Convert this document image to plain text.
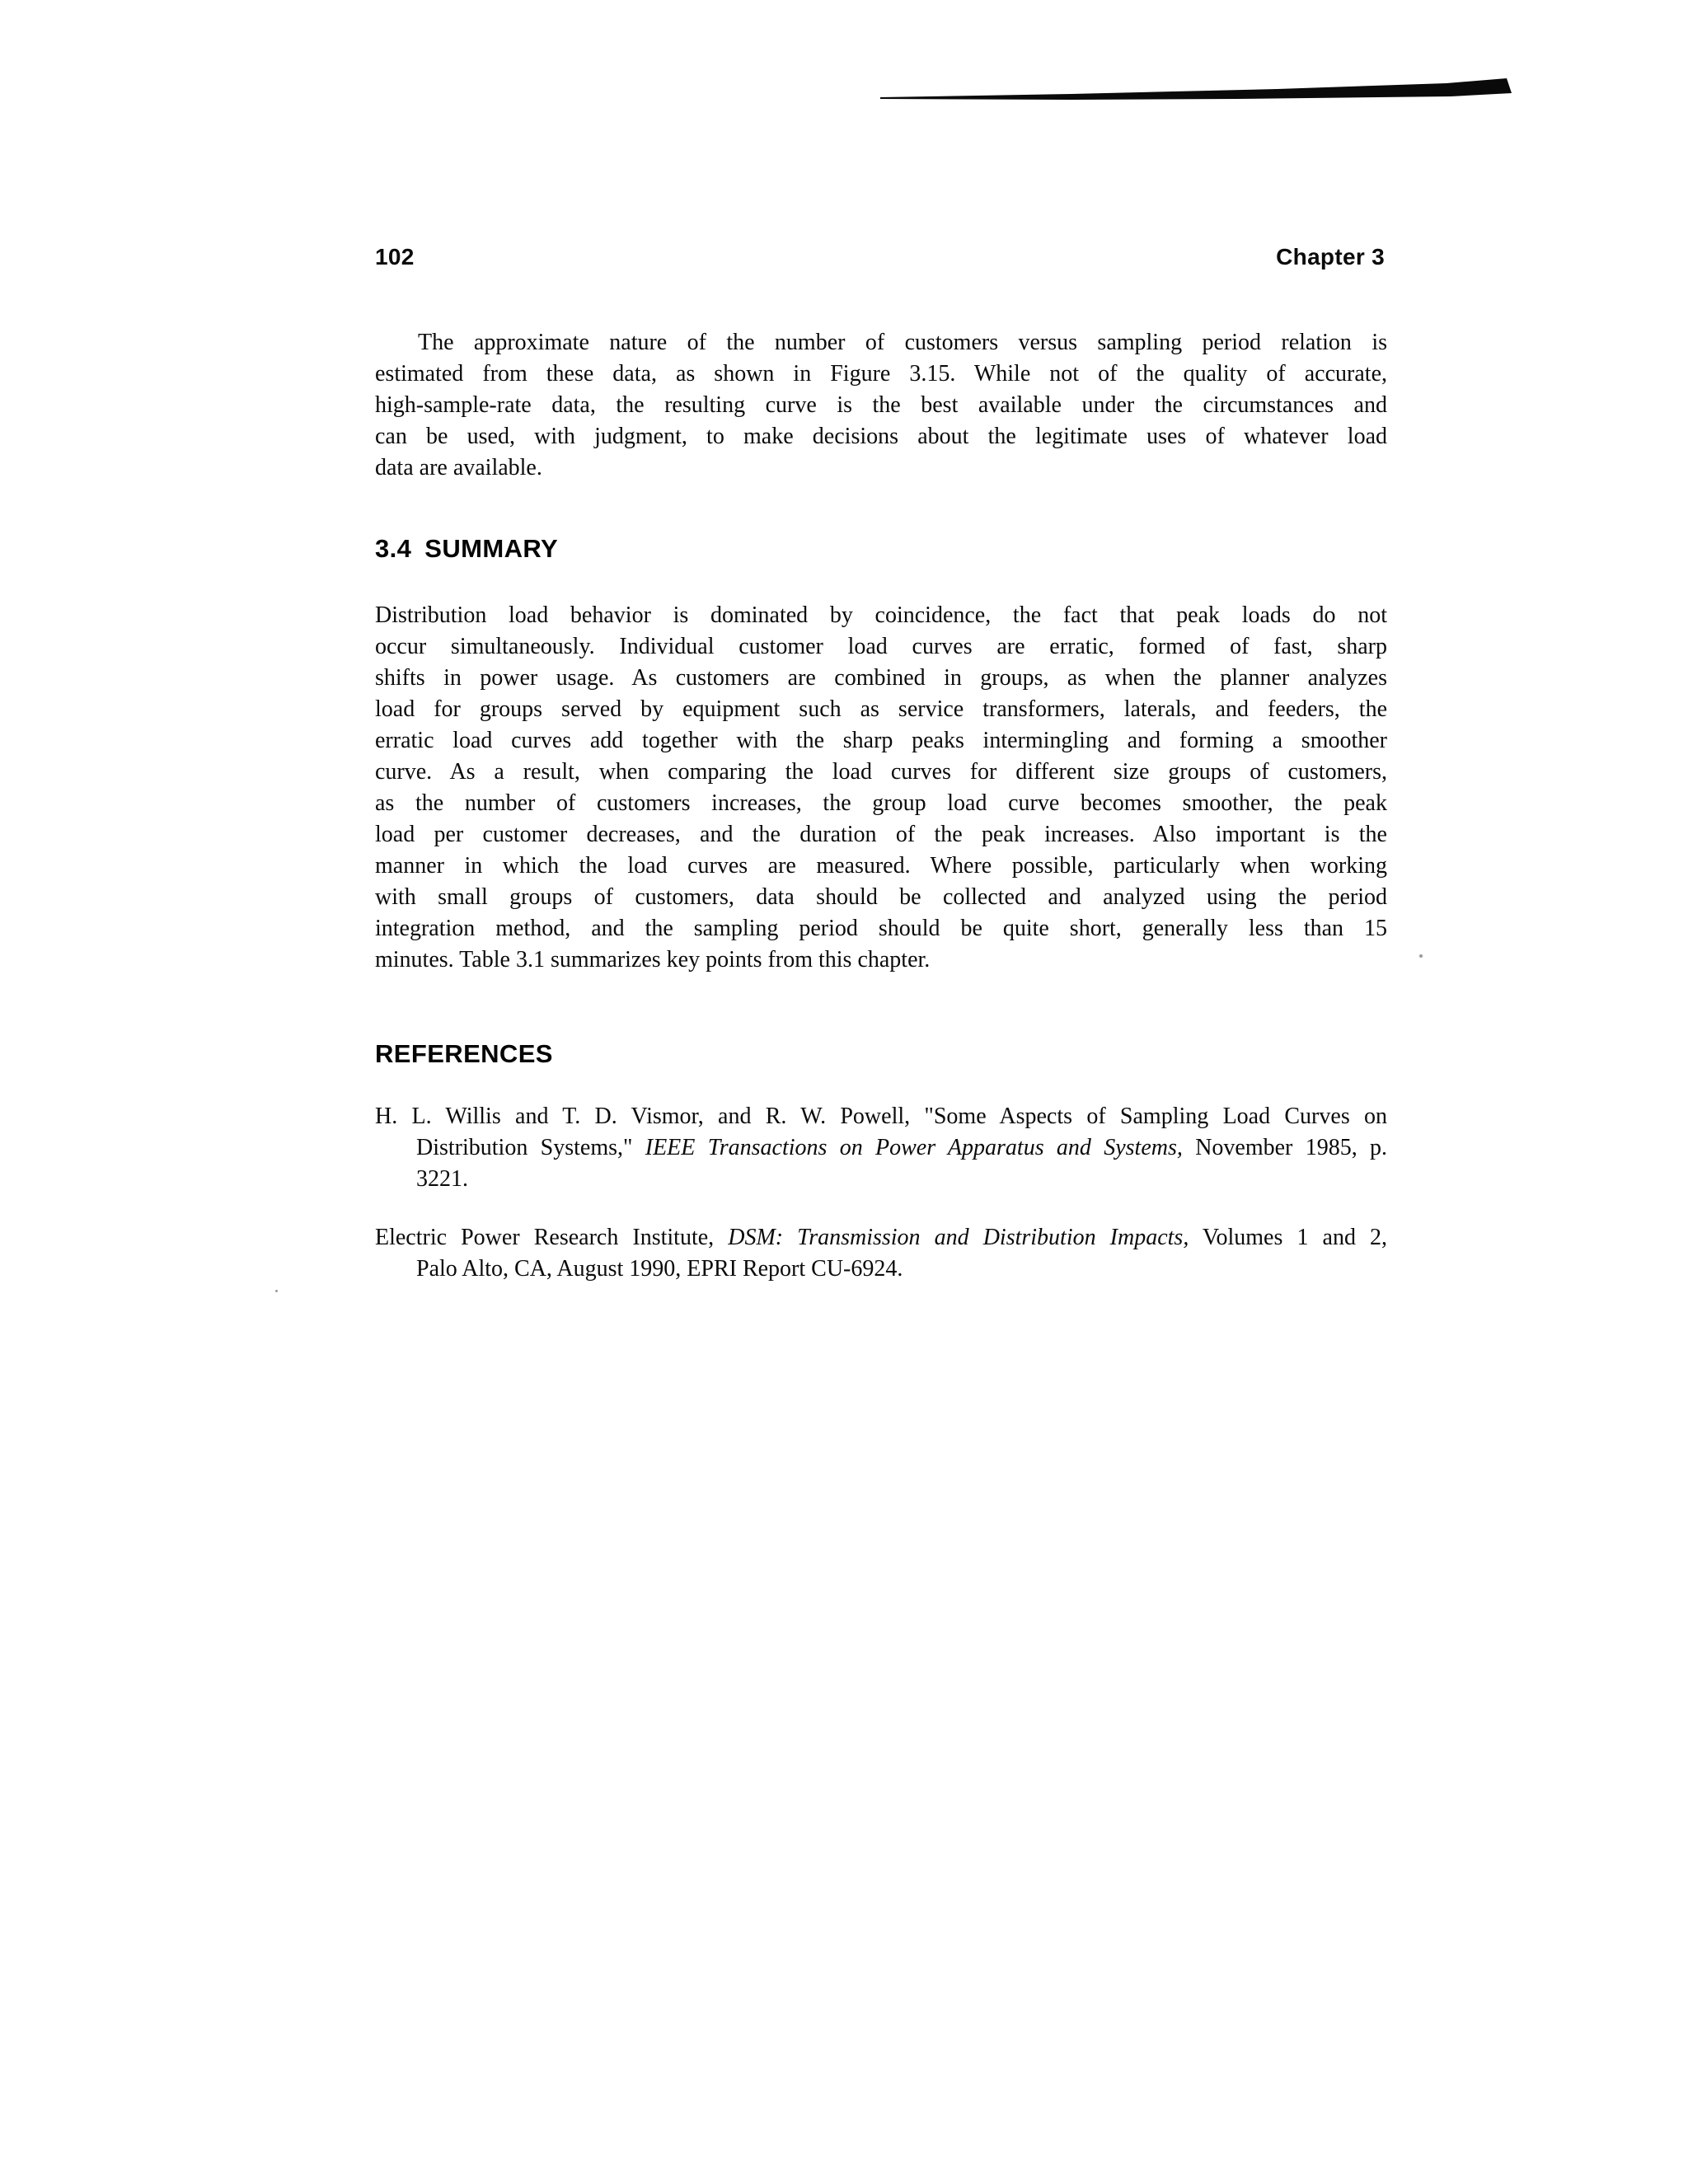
102	Chapter 3
The approximate nature of the number of customers versus sampling period relation is
estimated from these data, as shown in Figure 3.15. While not of the quality of accurate,
high-sample-rate data, the resulting curve is the best available under the circumstances and
can be used, with judgment, to make decisions about the legitimate uses of whatever load
data are available.
3.4 SUMMARY
Distribution load behavior is dominated by coincidence, the fact that peak loads do not
occur simultaneously. Individual customer load curves are erratic, formed of fast, sharp
shifts in power usage. As customers are combined in groups, as when the planner analyzes
load for groups served by equipment such as service transformers, laterals, and feeders, the
erratic load curves add together with the sharp peaks intermingling and forming a smoother
curve. As a result, when comparing the load curves for different size groups of customers,
as the number of customers increases, the group load curve becomes smoother, the peak
load per customer decreases, and the duration of the peak increases. Also important is the
manner in which the load curves are measured. Where possible, particularly when working
with small groups of customers, data should be collected and analyzed using the period
integration method, and the sampling period should be quite short, generally less than 15
minutes. Table 3.1 summarizes key points from this chapter.
REFERENCES
H. L. Willis and T. D. Vismor, and R. W. Powell, "Some Aspects of Sampling Load Curves on
Distribution Systems," IEEE Transactions on Power Apparatus and Systems, November 1985, p.
3221.
Electric Power Research Institute, DSM: Transmission and Distribution Impacts, Volumes 1 and 2,
Palo Alto, CA, August 1990, EPRI Report CU-6924.
